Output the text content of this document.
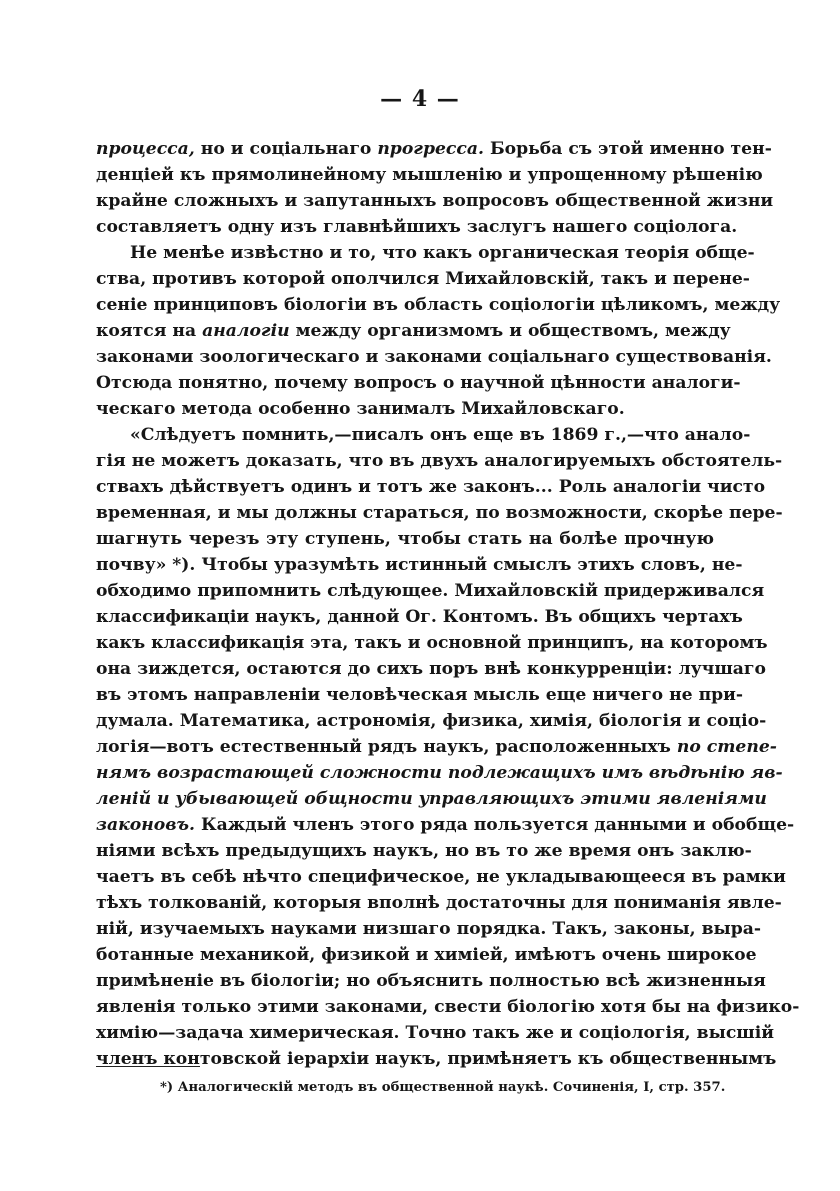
— 4 —
процесса, но и соціальнаго прогресса. Борьба съ этой именно тен-
денціей къ прямолинейному мышленію и упрощенному рѣшенію
крайне сложныхъ и запутанныхъ вопросовъ общественной жизни
составляетъ одну изъ главнѣйшихъ заслугъ нашего соціолога.
Не менѣе извѣстно и то, что какъ органическая теорія обще-
ства, противъ которой ополчился Михайловскій, такъ и перене-
сеніе принциповъ біологіи въ область соціологіи цѣликомъ, между
коятся на аналогіи между организмомъ и обществомъ, между
законами зоологическаго и законами соціальнаго существованія.
Отсюда понятно, почему вопросъ о научной цѣнности аналоги-
ческаго метода особенно занималъ Михайловскаго.
«Слѣдуетъ помнить,—писалъ онъ еще въ 1869 г.,—что анало-
гія не можетъ доказать, что въ двухъ аналогируемыхъ обстоятель-
ствахъ дѣйствуетъ одинъ и тотъ же законъ... Роль аналогіи чисто
временная, и мы должны стараться, по возможности, скорѣе пере-
шагнуть черезъ эту ступень, чтобы стать на болѣе прочную
почву» *). Чтобы уразумѣть истинный смыслъ этихъ словъ, не-
обходимо припомнить слѣдующее. Михайловскій придерживался
классификаціи наукъ, данной Ог. Контомъ. Въ общихъ чертахъ
какъ классификація эта, такъ и основной принципъ, на которомъ
она зиждется, остаются до сихъ поръ внѣ конкурренціи: лучшаго
въ этомъ направленіи человѣческая мысль еще ничего не при-
думала. Математика, астрономія, физика, химія, біологія и соціо-
логія—вотъ естественный рядъ наукъ, расположенныхъ по степе-
нямъ возрастающей сложности подлежащихъ имъ вѣдѣнію яв-
леній и убывающей общности управляющихъ этими явленіями
законовъ. Каждый членъ этого ряда пользуется данными и обобще-
ніями всѣхъ предыдущихъ наукъ, но въ то же время онъ заклю-
чаетъ въ себѣ нѣчто специфическое, не укладывающееся въ рамки
тѣхъ толкованій, которыя вполнѣ достаточны для пониманія явле-
ній, изучаемыхъ науками низшаго порядка. Такъ, законы, выра-
ботанные механикой, физикой и химіей, имѣютъ очень широкое
примѣненіе въ біологіи; но объяснить полностью всѣ жизненныя
явленія только этими законами, свести біологію хотя бы на физико-
химію—задача химерическая. Точно такъ же и соціологія, высшій
членъ контовской іерархіи наукъ, примѣняетъ къ общественнымъ
*) Аналогическій методъ въ общественной наукѣ. Сочиненія, I, стр. 357.
